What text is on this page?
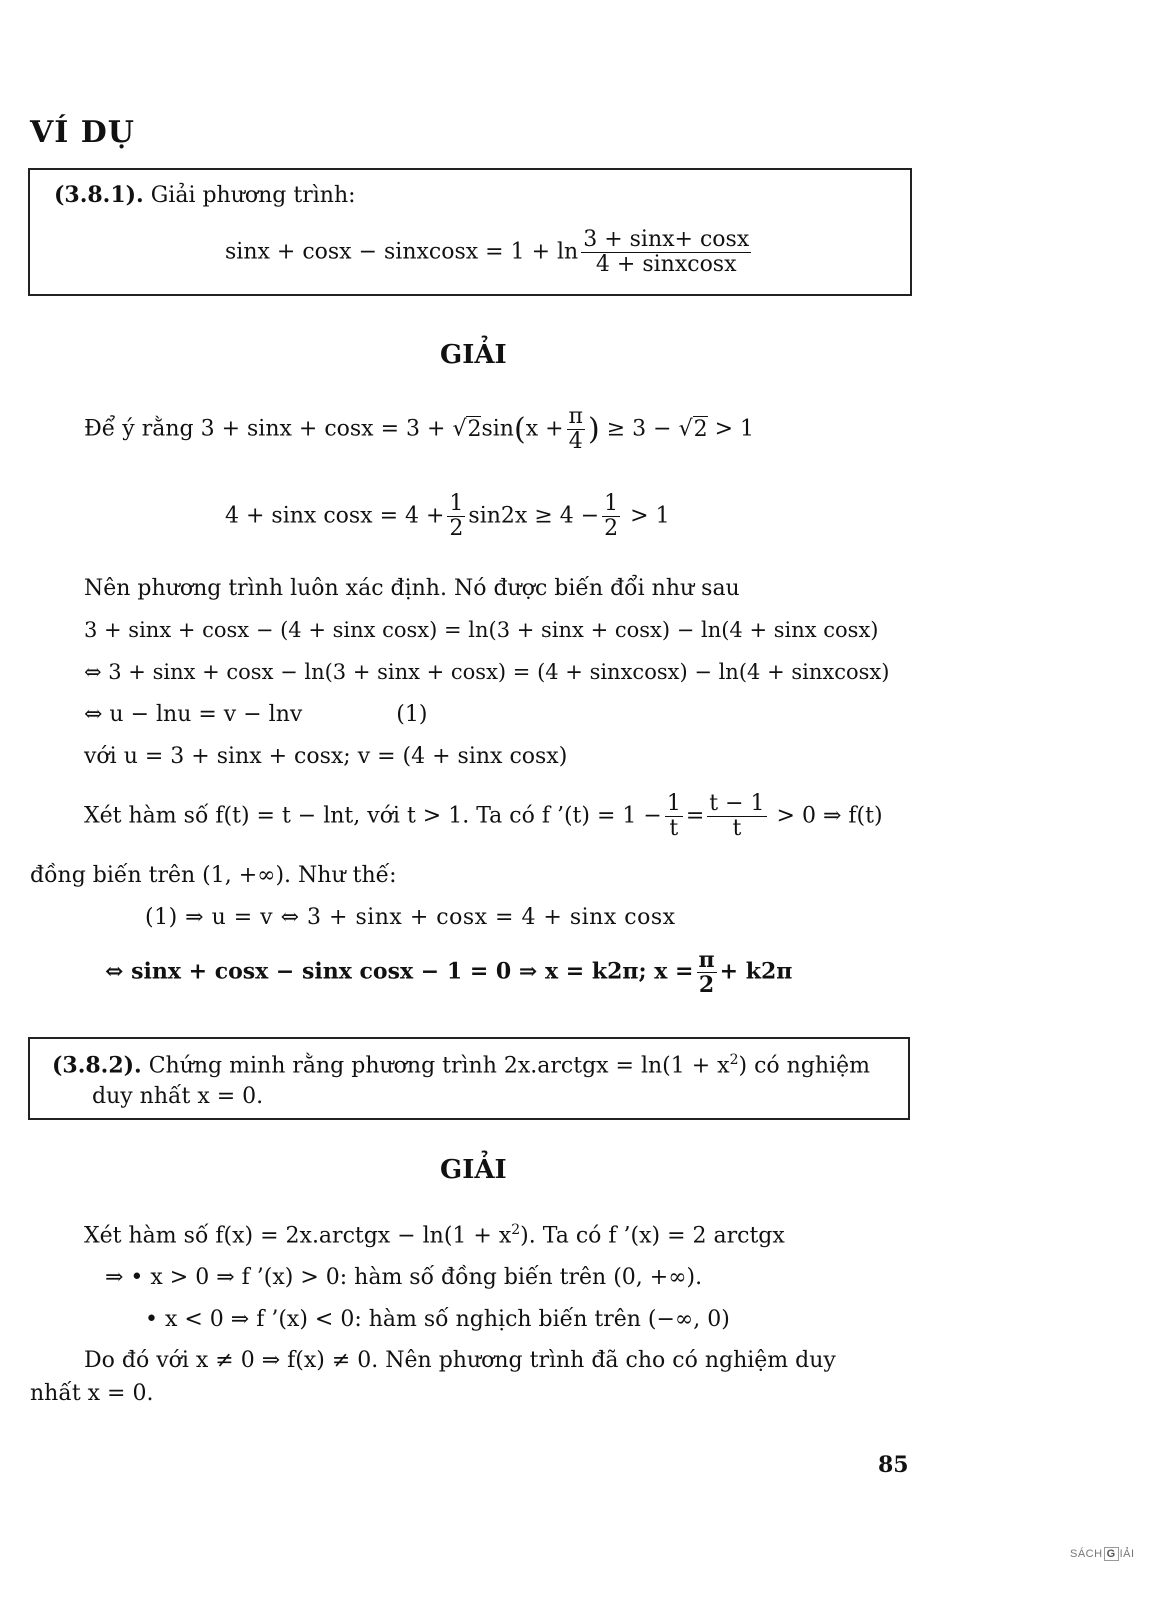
VÍ DỤ
(3.8.1). Giải phương trình:
sinx + cosx − sinxcosx = $1 + \ln \frac{3 + \sin x+ \cos x}{\text{4 + sinxcosx}}$
GIẢI
Để ý rằng $3 + \sin x + \cos x = 3 + √2\sin(x + \frac{\pi}{4}$ ) ≥ 3 − √2 > 1
4 + sinx $\cos x = 4 + \frac{1}{2} \sin 2x \ge 4 - \frac{1}{2} > 1$
Nên phương trình luôn xác định. Nó được biến đổi như sau
3 + sinx + cosx − (4 + sinx cosx) = ln(3 + sinx + cosx) − ln(4 + sinx cosx)
⇔ 3 + sinx + cosx − ln(3 + sinx + cosx) = (4 + sinxcosx) − ln(4 + sinxcosx)
⇔ u − lnu = v − lnv	(1)
với u = 3 + sinx + cosx; v = (4 + sinx cosx)
Xét hàm số f(t) = t − lnt, với t > 1. Ta có f ’(t) = $1 - \frac{1}{t} = \frac{t - 1}{t} > 0$ ⇒ f(t)
đồng biến trên (1, +∞). Như thế:
(1) ⇒ u = v ⇔ 3 + sinx + cosx = 4 + sinx cosx
⇔ sinx + cosx − sinx cosx − 1 = 0 ⇒ x = k2π; $x = \frac{\pi}{2} + k2\pi$
(3.8.2). Chứng minh rằng phương trình 2x.arctgx = $\ln(1 + x^2)$ có nghiệm
duy nhất x = 0.
GIẢI
Xét hàm số f(x) = 2x.arctgx − $\ln(1 + x^2)$. Ta có f ’(x) = 2 arctgx
⇒ • x > 0 ⇒ f ’(x) > 0: hàm số đồng biến trên (0, +∞).
• x < 0 ⇒ f ’(x) < 0: hàm số nghịch biến trên (−∞, 0)
Do đó với x ≠ 0 ⇒ f(x) ≠ 0. Nên phương trình đã cho có nghiệm duy
nhất x = 0.
85
SÁCH G IẢI
